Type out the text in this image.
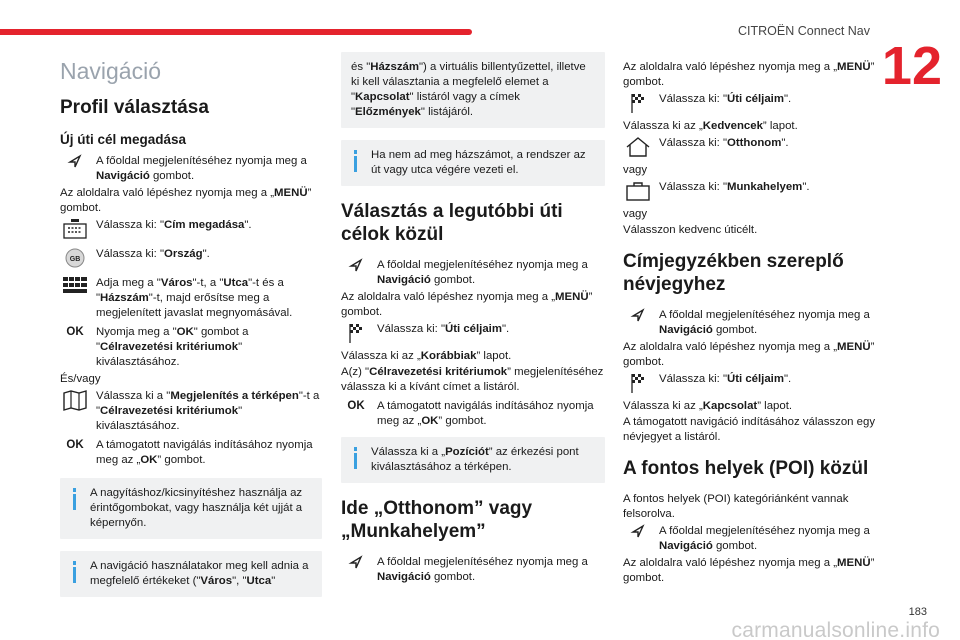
CITROËN Connect Nav
12
Navigáció
Profil választása
Új úti cél megadása
A főoldal megjelenítéséhez nyomja meg a Navigáció gombot.

Az aloldalra való lépéshez nyomja meg a „MENÜ” gombot.

Válassza ki: "Cím megadása".
GB Válassza ki: "Ország".
Adja meg a "Város"-t, a "Utca"-t és a "Házszám"-t, majd erősítse meg a megjelenített javaslat megnyomásával.
OK	Nyomja meg a "OK" gombot a "Célravezetési kritériumok" kiválasztásához.

És/vagy

Válassza ki a "Megjelenítés a térképen"-t a "Célravezetési kritériumok" kiválasztásához.
OK	A támogatott navigálás indításához nyomja meg az „OK” gombot.
A nagyításhoz/kicsinyítéshez használja az érintőgombokat, vagy használja két ujját a képernyőn.
A navigáció használatakor meg kell adnia a megfelelő értékeket ("Város", "Utca"
és "Házszám") a virtuális billentyűzettel, illetve ki kell választania a megfelelő elemet a "Kapcsolat" listáról vagy a címek "Előzmények" listájáról.
Ha nem ad meg házszámot, a rendszer az út vagy utca végére vezeti el.
Választás a legutóbbi úti célok közül
A főoldal megjelenítéséhez nyomja meg a Navigáció gombot.

Az aloldalra való lépéshez nyomja meg a „MENÜ” gombot.

Válassza ki: "Úti céljaim".

Válassza ki az „Korábbiak” lapot.

A(z) "Célravezetési kritériumok” megjelenítéséhez válassza ki a kívánt címet a listáról.

OK	A támogatott navigálás indításához nyomja meg az „OK” gombot.
Válassza ki a „Pozíciót” az érkezési pont kiválasztásához a térképen.
Ide „Otthonom” vagy „Munkahelyem”
A főoldal megjelenítéséhez nyomja meg a Navigáció gombot.

Az aloldalra való lépéshez nyomja meg a „MENÜ” gombot.

Válassza ki: "Úti céljaim".

Válassza ki az „Kedvencek” lapot.

Válassza ki: "Otthonom".

vagy

Válassza ki: "Munkahelyem".

vagy

Válasszon kedvenc úticélt.

Címjegyzékben szereplő névjegyhez
A főoldal megjelenítéséhez nyomja meg a Navigáció gombot.

Az aloldalra való lépéshez nyomja meg a „MENÜ” gombot.

Válassza ki: "Úti céljaim".

Válassza ki az „Kapcsolat” lapot.

A támogatott navigáció indításához válasszon egy névjegyet a listáról.

A fontos helyek (POI) közül

A fontos helyek (POI) kategóriánként vannak felsorolva.

A főoldal megjelenítéséhez nyomja meg a Navigáció gombot.

Az aloldalra való lépéshez nyomja meg a „MENÜ” gombot.

carmanualsonline.info
183
